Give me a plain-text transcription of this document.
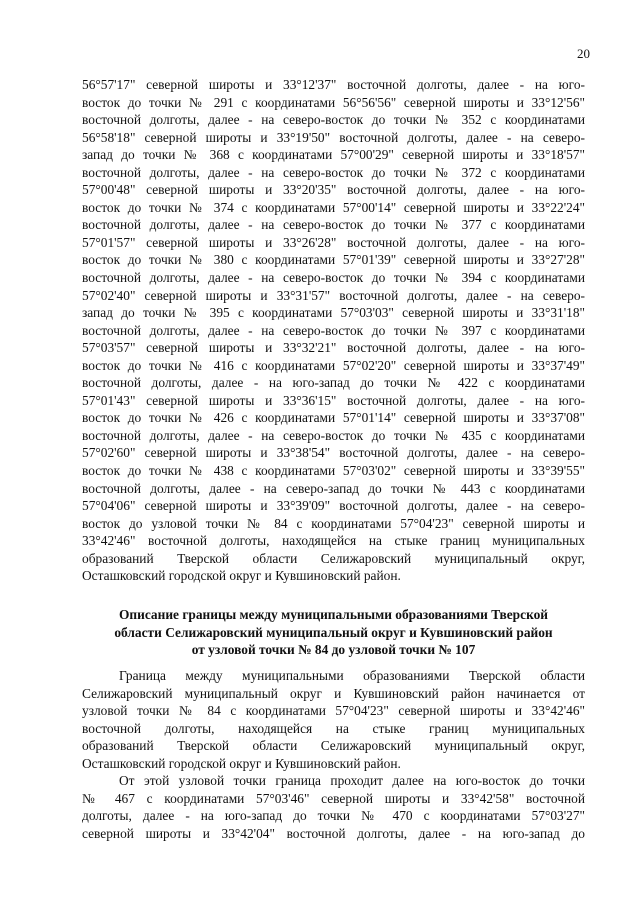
20
56°57'17" северной широты и 33°12'37" восточной долготы, далее - на юго-
восток до точки № 291 с координатами 56°56'56" северной широты и 33°12'56"
восточной долготы, далее - на северо-восток до точки № 352 с координатами
56°58'18" северной широты и 33°19'50" восточной долготы, далее - на северо-
запад до точки № 368 с координатами 57°00'29" северной широты и 33°18'57"
восточной долготы, далее - на северо-восток до точки № 372 с координатами
57°00'48" северной широты и 33°20'35" восточной долготы, далее - на юго-
восток до точки № 374 с координатами 57°00'14" северной широты и 33°22'24"
восточной долготы, далее - на северо-восток до точки № 377 с координатами
57°01'57" северной широты и 33°26'28" восточной долготы, далее - на юго-
восток до точки № 380 с координатами 57°01'39" северной широты и 33°27'28"
восточной долготы, далее - на северо-восток до точки № 394 с координатами
57°02'40" северной широты и 33°31'57" восточной долготы, далее - на северо-
запад до точки № 395 с координатами 57°03'03" северной широты и 33°31'18"
восточной долготы, далее - на северо-восток до точки № 397 с координатами
57°03'57" северной широты и 33°32'21" восточной долготы, далее - на юго-
восток до точки № 416 с координатами 57°02'20" северной широты и 33°37'49"
восточной долготы, далее - на юго-запад до точки № 422 с координатами
57°01'43" северной широты и 33°36'15" восточной долготы, далее - на юго-
восток до точки № 426 с координатами 57°01'14" северной широты и 33°37'08"
восточной долготы, далее - на северо-восток до точки № 435 с координатами
57°02'60" северной широты и 33°38'54" восточной долготы, далее - на северо-
восток до точки № 438 с координатами 57°03'02" северной широты и 33°39'55"
восточной долготы, далее - на северо-запад до точки № 443 с координатами
57°04'06" северной широты и 33°39'09" восточной долготы, далее - на северо-
восток до узловой точки № 84 с координатами 57°04'23" северной широты и
33°42'46" восточной долготы, находящейся на стыке границ муниципальных
образований Тверской области Селижаровский муниципальный округ,
Осташковский городской округ и Кувшиновский район.
Описание границы между муниципальными образованиями Тверской
области Селижаровский муниципальный округ и Кувшиновский район
от узловой точки № 84 до узловой точки № 107
Граница между муниципальными образованиями Тверской области
Селижаровский муниципальный округ и Кувшиновский район начинается от
узловой точки № 84 с координатами 57°04'23" северной широты и 33°42'46"
восточной долготы, находящейся на стыке границ муниципальных
образований Тверской области Селижаровский муниципальный округ,
Осташковский городской округ и Кувшиновский район.
От этой узловой точки граница проходит далее на юго-восток до точки
№ 467 с координатами 57°03'46" северной широты и 33°42'58" восточной
долготы, далее - на юго-запад до точки № 470 с координатами 57°03'27"
северной широты и 33°42'04" восточной долготы, далее - на юго-запад до
